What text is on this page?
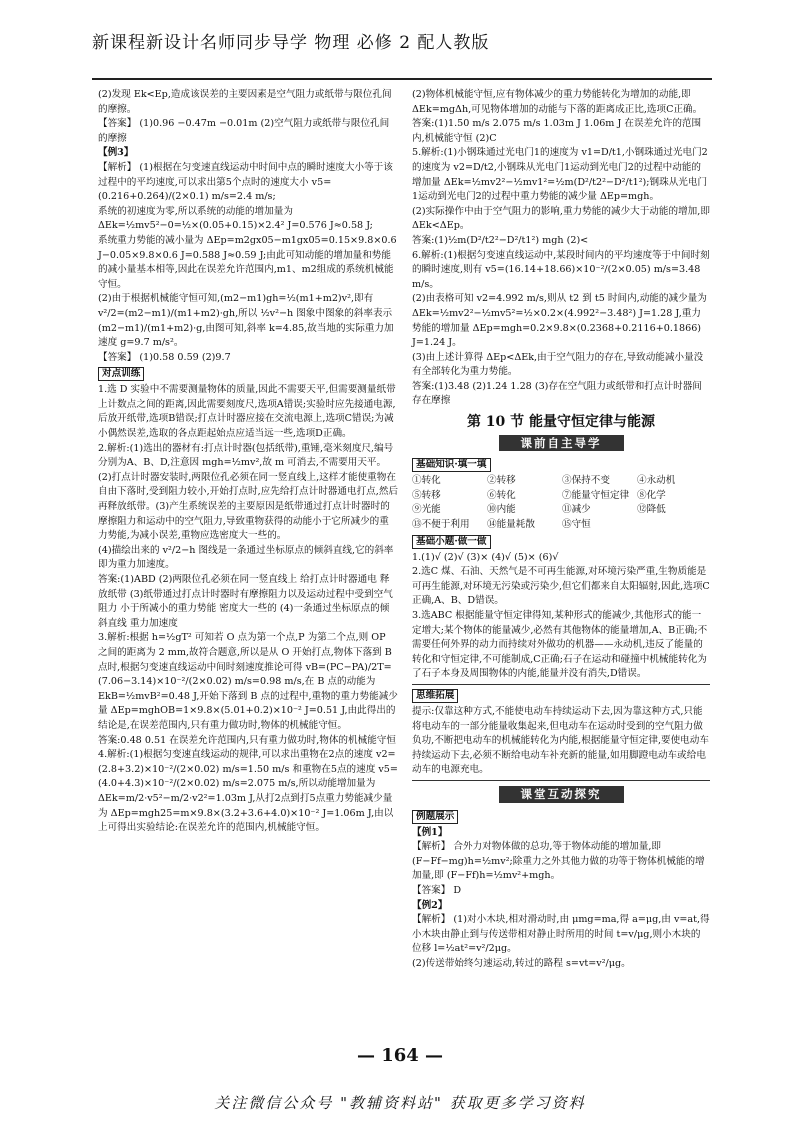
新课程新设计名师同步导学 物理 必修 2 配人教版

(2)发现 Ek<Ep,造成该误差的主要因素是空气阻力或纸带与限位孔间的摩擦。

【答案】 (1)0.96 −0.47m −0.01m (2)空气阻力或纸带与限位孔间的摩擦

【例3】

【解析】 (1)根据在匀变速直线运动中时间中点的瞬时速度大小等于该过程中的平均速度,可以求出第5个点时的速度大小 v5=(0.216+0.264)/(2×0.1) m/s=2.4 m/s;

系统的初速度为零,所以系统的动能的增加量为 ΔEk=½mv5²−0=½×(0.05+0.15)×2.4² J=0.576 J≈0.58 J;

系统重力势能的减小量为 ΔEp=m2gx05−m1gx05=0.15×9.8×0.6 J−0.05×9.8×0.6 J=0.588 J≈0.59 J;由此可知动能的增加量和势能的减小量基本相等,因此在误差允许范围内,m1、m2组成的系统机械能守恒。

(2)由于根据机械能守恒可知,(m2−m1)gh=½(m1+m2)v²,即有 v²/2=(m2−m1)/(m1+m2)·gh,所以 ½v²−h 图象中图象的斜率表示 (m2−m1)/(m1+m2)·g,由图可知,斜率 k=4.85,故当地的实际重力加速度 g=9.7 m/s²。

【答案】 (1)0.58 0.59 (2)9.7

对点训练

1.选 D 实验中不需要测量物体的质量,因此不需要天平,但需要测量纸带上计数点之间的距离,因此需要刻度尺,选项A错误;实验时应先接通电源,后放开纸带,选项B错误;打点计时器应接在交流电源上,选项C错误;为减小偶然误差,选取的各点距起始点应适当远一些,选项D正确。

2.解析:(1)选出的器材有:打点计时器(包括纸带),重锤,毫米刻度尺,编号分别为A、B、D,注意因 mgh=½mv²,故 m 可消去,不需要用天平。

(2)打点计时器安装时,两限位孔必须在同一竖直线上,这样才能使重物在自由下落时,受到阻力较小,开始打点时,应先给打点计时器通电打点,然后再释放纸带。(3)产生系统误差的主要原因是纸带通过打点计时器时的摩擦阻力和运动中的空气阻力,导致重物获得的动能小于它所减少的重力势能,为减小误差,重物应选密度大一些的。

(4)描绘出来的 v²/2−h 图线是一条通过坐标原点的倾斜直线,它的斜率即为重力加速度。

答案:(1)ABD (2)两限位孔必须在同一竖直线上 给打点计时器通电 释放纸带 (3)纸带通过打点计时器时有摩擦阻力以及运动过程中受到空气阻力 小于所减小的重力势能 密度大一些的 (4)一条通过坐标原点的倾斜直线 重力加速度

3.解析:根据 h=½gT² 可知若 O 点为第一个点,P 为第二个点,则 OP 之间的距离为 2 mm,故符合题意,所以是从 O 开始打点,物体下落到 B 点时,根据匀变速直线运动中间时刻速度推论可得 vB=(PC−PA)/2T=(7.06−3.14)×10⁻²/(2×0.02) m/s=0.98 m/s,在 B 点的动能为 EkB=½mvB²=0.48 J,开始下落到 B 点的过程中,重物的重力势能减少量 ΔEp=mghOB=1×9.8×(5.01+0.2)×10⁻² J=0.51 J,由此得出的结论是,在误差范围内,只有重力做功时,物体的机械能守恒。

答案:0.48 0.51 在误差允许范围内,只有重力做功时,物体的机械能守恒

4.解析:(1)根据匀变速直线运动的规律,可以求出重物在2点的速度 v2=(2.8+3.2)×10⁻²/(2×0.02) m/s=1.50 m/s 和重物在5点的速度 v5=(4.0+4.3)×10⁻²/(2×0.02) m/s=2.075 m/s,所以动能增加量为 ΔEk=m/2·v5²−m/2·v2²=1.03m J,从打2点到打5点重力势能减少量为 ΔEp=mgh25=m×9.8×(3.2+3.6+4.0)×10⁻² J=1.06m J,由以上可得出实验结论:在误差允许的范围内,机械能守恒。

(2)物体机械能守恒,应有物体减少的重力势能转化为增加的动能,即 ΔEk=mgΔh,可见物体增加的动能与下落的距离成正比,选项C正确。

答案:(1)1.50 m/s 2.075 m/s 1.03m J 1.06m J 在误差允许的范围内,机械能守恒 (2)C

5.解析:(1)小钢珠通过光电门1的速度为 v1=D/t1,小钢珠通过光电门2的速度为 v2=D/t2,小钢珠从光电门1运动到光电门2的过程中动能的增加量 ΔEk=½mv2²−½mv1²=½m(D²/t2²−D²/t1²);钢珠从光电门1运动到光电门2的过程中重力势能的减少量 ΔEp=mgh。

(2)实际操作中由于空气阻力的影响,重力势能的减少大于动能的增加,即 ΔEk<ΔEp。

答案:(1)½m(D²/t2²−D²/t1²) mgh (2)<

6.解析:(1)根据匀变速直线运动中,某段时间内的平均速度等于中间时刻的瞬时速度,则有 v5=(16.14+18.66)×10⁻²/(2×0.05) m/s=3.48 m/s。

(2)由表格可知 v2=4.992 m/s,则从 t2 到 t5 时间内,动能的减少量为 ΔEk=½mv2²−½mv5²=½×0.2×(4.992²−3.48²) J=1.28 J,重力势能的增加量 ΔEp=mgh=0.2×9.8×(0.2368+0.2116+0.1866) J=1.24 J。

(3)由上述计算得 ΔEp<ΔEk,由于空气阻力的存在,导致动能减小量没有全部转化为重力势能。

答案:(1)3.48 (2)1.24 1.28 (3)存在空气阻力或纸带和打点计时器间存在摩擦

第 10 节 能量守恒定律与能源
课前自主导学
基础知识·填一填
①转化	②转移	③保持不变	④永动机
⑤转移	⑥转化	⑦能量守恒定律 ⑧化学
⑨光能	⑩内能	⑪减少	⑫降低
⑬不便于利用	⑭能量耗散	⑮守恒
基础小题·做一做

1.(1)√ (2)√ (3)× (4)√ (5)× (6)√

2.选C 煤、石油、天然气是不可再生能源,对环境污染严重,生物质能是可再生能源,对环境无污染或污染少,但它们都来自太阳辐射,因此,选项C正确,A、B、D错误。

3.选ABC 根据能量守恒定律得知,某种形式的能减少,其他形式的能一定增大;某个物体的能量减少,必然有其他物体的能量增加,A、B正确;不需要任何外界的动力而持续对外做功的机器——永动机,违反了能量的转化和守恒定律,不可能制成,C正确;石子在运动和碰撞中机械能转化为了石子本身及周围物体的内能,能量并没有消失,D错误。

思维拓展

提示:仅靠这种方式,不能使电动车持续运动下去,因为靠这种方式,只能将电动车的一部分能量收集起来,但电动车在运动时受到的空气阻力做负功,不断把电动车的机械能转化为内能,根据能量守恒定律,要使电动车持续运动下去,必须不断给电动车补充新的能量,如用脚蹬电动车或给电动车的电源充电。

课堂互动探究
例题展示

【例1】

【解析】 合外力对物体做的总功,等于物体动能的增加量,即 (F−Ff−mg)h=½mv²;除重力之外其他力做的功等于物体机械能的增加量,即 (F−Ff)h=½mv²+mgh。

【答案】 D

【例2】

【解析】 (1)对小木块,相对滑动时,由 μmg=ma,得 a=μg,由 v=at,得小木块由静止到与传送带相对静止时所用的时间 t=v/μg,则小木块的位移 l=½at²=v²/2μg。

(2)传送带始终匀速运动,转过的路程 s=vt=v²/μg。

— 164 —
关注微信公众号 "教辅资料站" 获取更多学习资料
